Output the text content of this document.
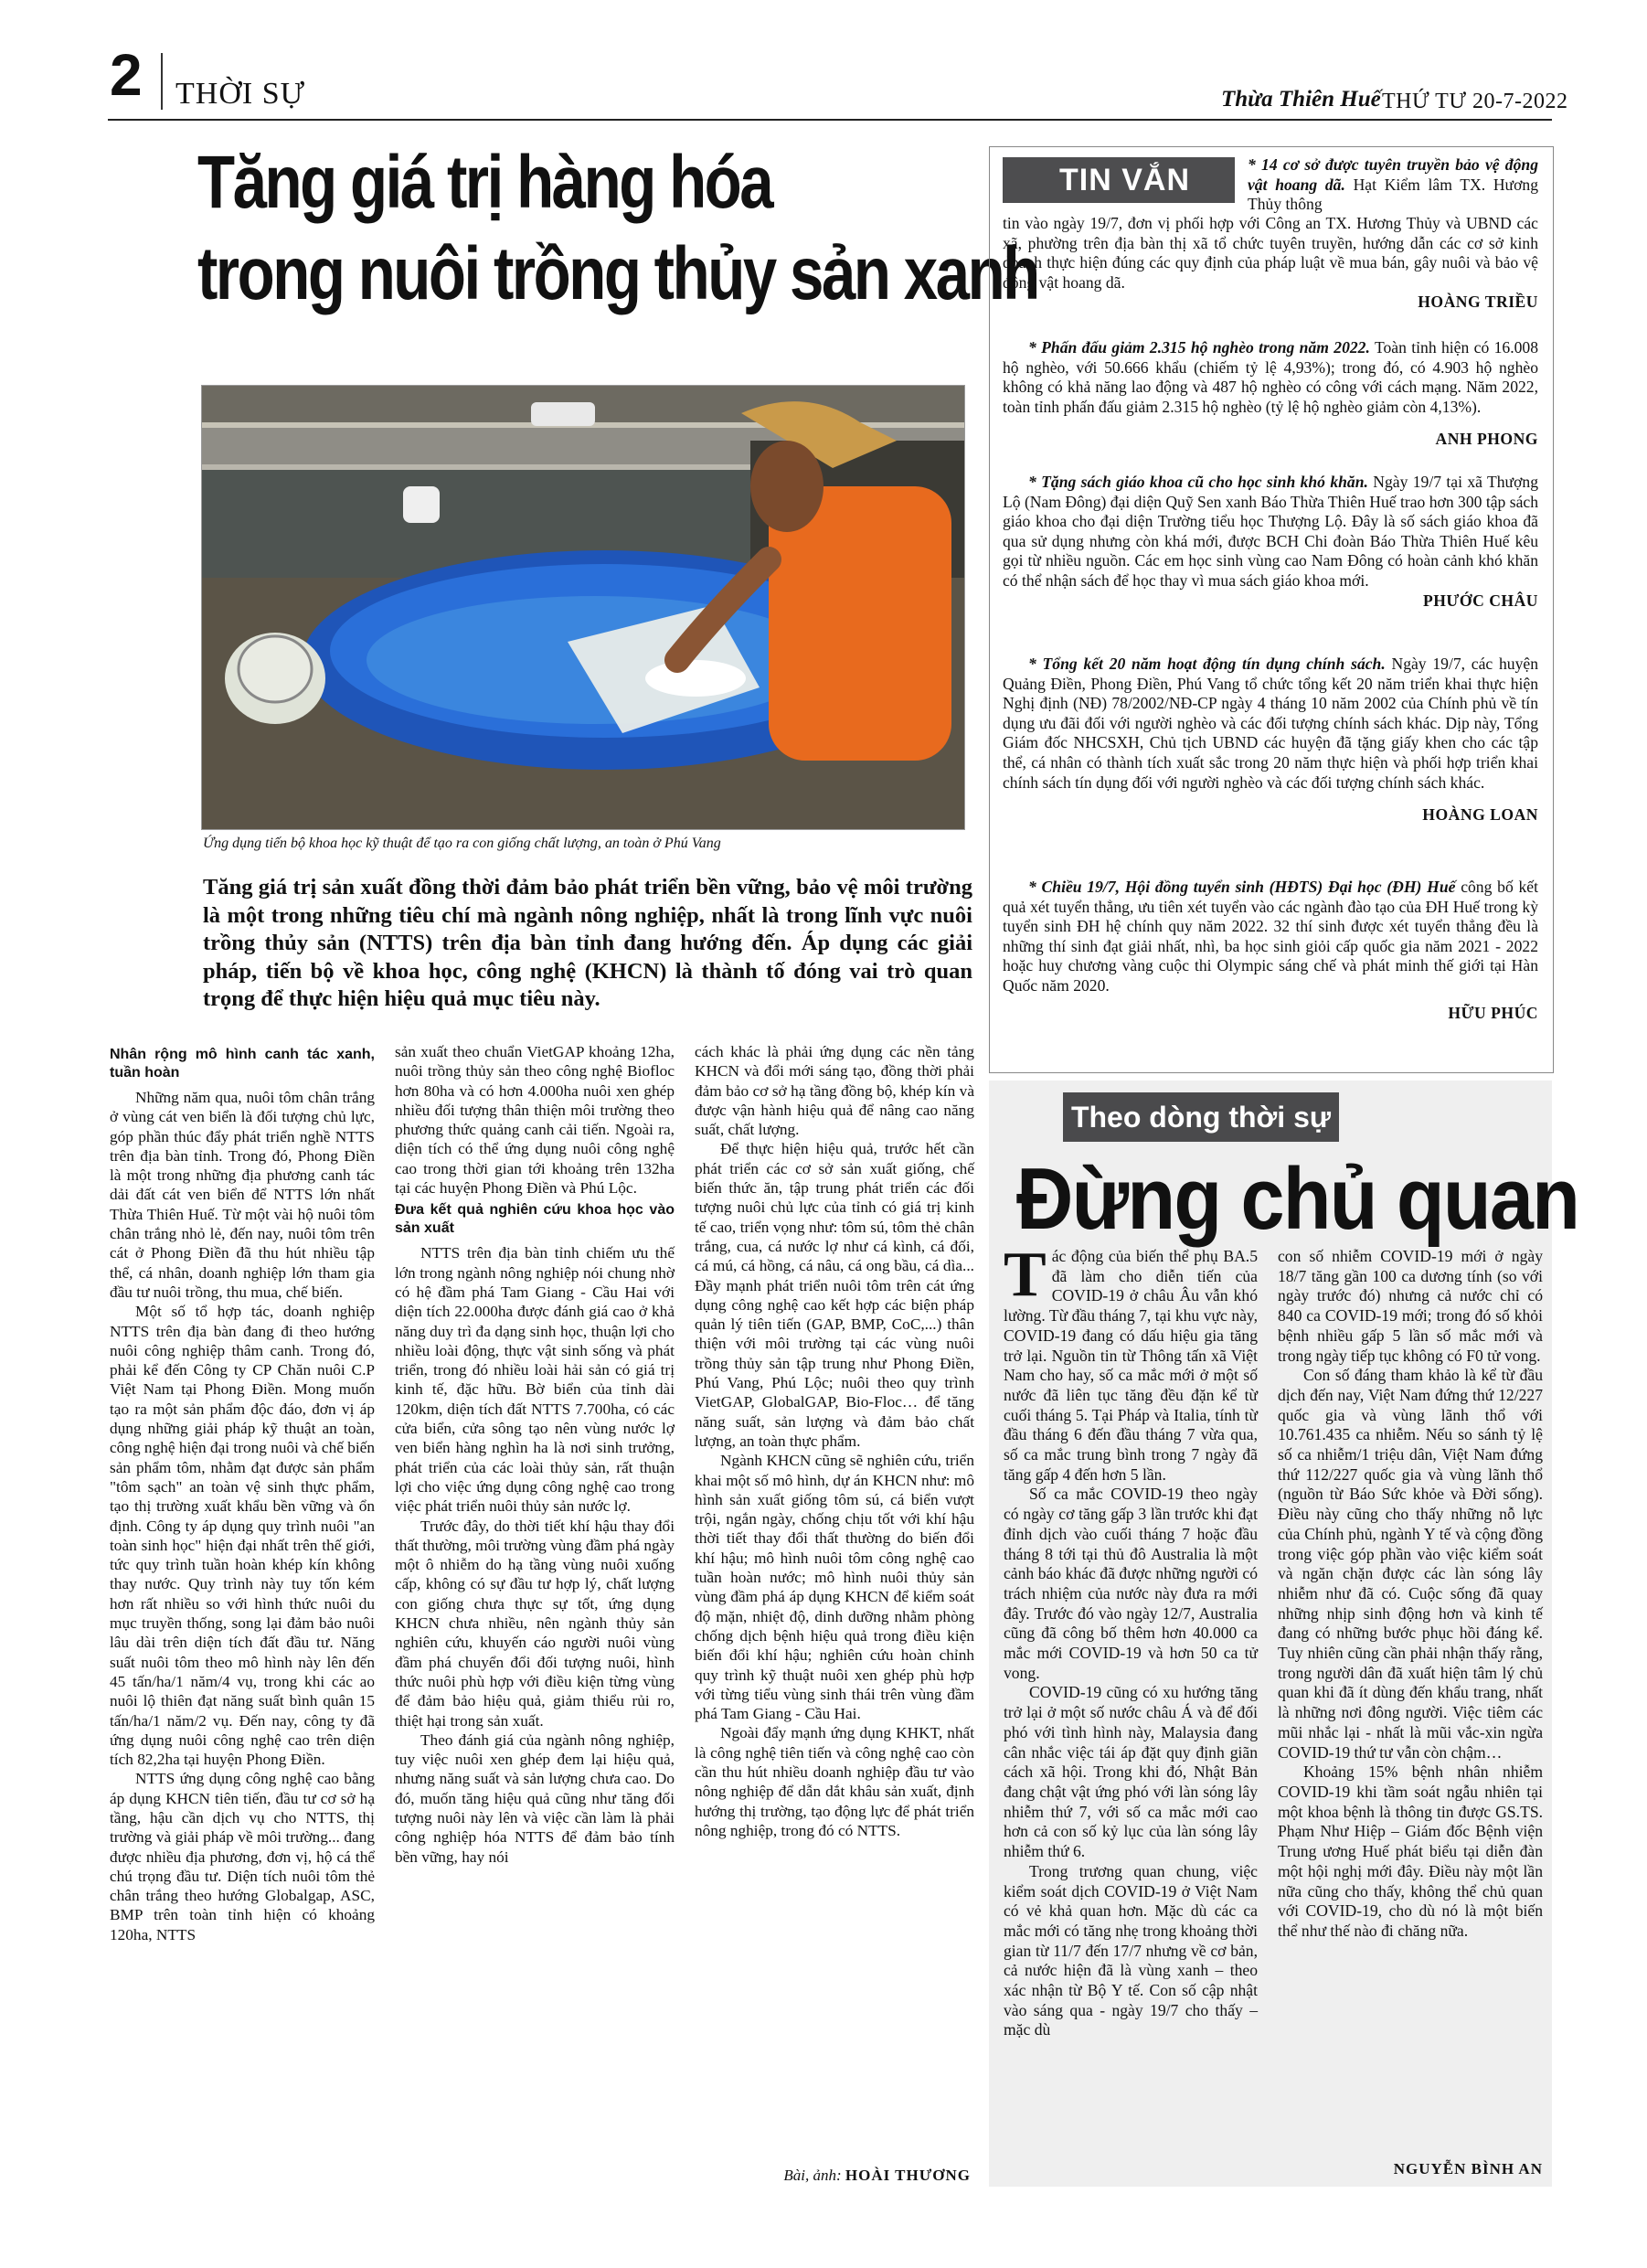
2 THỜI SỰ	Thừa Thiên Huế THỨ TƯ 20-7-2022
Tăng giá trị hàng hóa
trong nuôi trồng thủy sản xanh
Ứng dụng tiến bộ khoa học kỹ thuật để tạo ra con giống chất lượng, an toàn ở Phú Vang
Tăng giá trị sản xuất đồng thời đảm bảo phát triển bền vững, bảo vệ môi trường là một trong những tiêu chí mà ngành nông nghiệp, nhất là trong lĩnh vực nuôi trồng thủy sản (NTTS) trên địa bàn tỉnh đang hướng đến. Áp dụng các giải pháp, tiến bộ về khoa học, công nghệ (KHCN) là thành tố đóng vai trò quan trọng để thực hiện hiệu quả mục tiêu này.

Nhân rộng mô hình canh tác xanh, tuần hoàn

Những năm qua, nuôi tôm chân trắng ở vùng cát ven biển là đối tượng chủ lực, góp phần thúc đẩy phát triển nghề NTTS trên địa bàn tỉnh. Trong đó, Phong Điền là một trong những địa phương canh tác dải đất cát ven biển để NTTS lớn nhất Thừa Thiên Huế. Từ một vài hộ nuôi tôm chân trắng nhỏ lẻ, đến nay, nuôi tôm trên cát ở Phong Điền đã thu hút nhiều tập thể, cá nhân, doanh nghiệp lớn tham gia đầu tư nuôi trồng, thu mua, chế biến.

Một số tổ hợp tác, doanh nghiệp NTTS trên địa bàn đang đi theo hướng nuôi công nghiệp thâm canh. Trong đó, phải kể đến Công ty CP Chăn nuôi C.P Việt Nam tại Phong Điền. Mong muốn tạo ra một sản phẩm độc đáo, đơn vị áp dụng những giải pháp kỹ thuật an toàn, công nghệ hiện đại trong nuôi và chế biến sản phẩm tôm, nhằm đạt được sản phẩm "tôm sạch" an toàn vệ sinh thực phẩm, tạo thị trường xuất khẩu bền vững và ổn định. Công ty áp dụng quy trình nuôi "an toàn sinh học" hiện đại nhất trên thế giới, tức quy trình tuần hoàn khép kín không thay nước. Quy trình này tuy tốn kém hơn rất nhiều so với hình thức nuôi du mục truyền thống, song lại đảm bảo nuôi lâu dài trên diện tích đất đầu tư. Năng suất nuôi tôm theo mô hình này lên đến 45 tấn/ha/1 năm/4 vụ, trong khi các ao nuôi lộ thiên đạt năng suất bình quân 15 tấn/ha/1 năm/2 vụ. Đến nay, công ty đã ứng dụng nuôi công nghệ cao trên diện tích 82,2ha tại huyện Phong Điền.

NTTS ứng dụng công nghệ cao bằng áp dụng KHCN tiên tiến, đầu tư cơ sở hạ tầng, hậu cần dịch vụ cho NTTS, thị trường và giải pháp về môi trường... đang được nhiều địa phương, đơn vị, hộ cá thể chú trọng đầu tư. Diện tích nuôi tôm thẻ chân trắng theo hướng Globalgap, ASC, BMP trên toàn tỉnh hiện có khoảng 120ha, NTTS

sản xuất theo chuẩn VietGAP khoảng 12ha, nuôi trồng thủy sản theo công nghệ Biofloc hơn 80ha và có hơn 4.000ha nuôi xen ghép nhiều đối tượng thân thiện môi trường theo phương thức quảng canh cải tiến. Ngoài ra, diện tích có thể ứng dụng nuôi công nghệ cao trong thời gian tới khoảng trên 132ha tại các huyện Phong Điền và Phú Lộc.

Đưa kết quả nghiên cứu khoa học vào sản xuất

NTTS trên địa bàn tỉnh chiếm ưu thế lớn trong ngành nông nghiệp nói chung nhờ có hệ đầm phá Tam Giang - Cầu Hai với diện tích 22.000ha được đánh giá cao ở khả năng duy trì đa dạng sinh học, thuận lợi cho nhiều loài động, thực vật sinh sống và phát triển, trong đó nhiều loài hải sản có giá trị kinh tế, đặc hữu. Bờ biển của tỉnh dài 120km, diện tích đất NTTS 7.700ha, có các cửa biển, cửa sông tạo nên vùng nước lợ ven biển hàng nghìn ha là nơi sinh trưởng, phát triển của các loài thủy sản, rất thuận lợi cho việc ứng dụng công nghệ cao trong việc phát triển nuôi thủy sản nước lợ.

Trước đây, do thời tiết khí hậu thay đổi thất thường, môi trường vùng đầm phá ngày một ô nhiễm do hạ tầng vùng nuôi xuống cấp, không có sự đầu tư hợp lý, chất lượng con giống chưa thực sự tốt, ứng dụng KHCN chưa nhiều, nên ngành thủy sản nghiên cứu, khuyến cáo người nuôi vùng đầm phá chuyển đổi đối tượng nuôi, hình thức nuôi phù hợp với điều kiện từng vùng để đảm bảo hiệu quả, giảm thiểu rủi ro, thiệt hại trong sản xuất.

Theo đánh giá của ngành nông nghiệp, tuy việc nuôi xen ghép đem lại hiệu quả, nhưng năng suất và sản lượng chưa cao. Do đó, muốn tăng hiệu quả cũng như tăng đối tượng nuôi này lên và việc cần làm là phải công nghiệp hóa NTTS để đảm bảo tính bền vững, hay nói

cách khác là phải ứng dụng các nền tảng KHCN và đổi mới sáng tạo, đồng thời phải đảm bảo cơ sở hạ tầng đồng bộ, khép kín và được vận hành hiệu quả để nâng cao năng suất, chất lượng.

Để thực hiện hiệu quả, trước hết cần phát triển các cơ sở sản xuất giống, chế biến thức ăn, tập trung phát triển các đối tượng nuôi chủ lực của tỉnh có giá trị kinh tế cao, triển vọng như: tôm sú, tôm thẻ chân trắng, cua, cá nước lợ như cá kình, cá đối, cá mú, cá hồng, cá nâu, cá ong bầu, cá dìa... Đầy mạnh phát triển nuôi tôm trên cát ứng dụng công nghệ cao kết hợp các biện pháp quản lý tiên tiến (GAP, BMP, CoC,...) thân thiện với môi trường tại các vùng nuôi trồng thủy sản tập trung như Phong Điền, Phú Vang, Phú Lộc; nuôi theo quy trình VietGAP, GlobalGAP, Bio-Floc… để tăng năng suất, sản lượng và đảm bảo chất lượng, an toàn thực phẩm.

Ngành KHCN cũng sẽ nghiên cứu, triển khai một số mô hình, dự án KHCN như: mô hình sản xuất giống tôm sú, cá biển vượt trội, ngắn ngày, chống chịu tốt với khí hậu thời tiết thay đổi thất thường do biến đổi khí hậu; mô hình nuôi tôm công nghệ cao tuần hoàn nước; mô hình nuôi thủy sản vùng đầm phá áp dụng KHCN để kiểm soát độ mặn, nhiệt độ, dinh dưỡng nhằm phòng chống dịch bệnh hiệu quả trong điều kiện biến đổi khí hậu; nghiên cứu hoàn chỉnh quy trình kỹ thuật nuôi xen ghép phù hợp với từng tiểu vùng sinh thái trên vùng đầm phá Tam Giang - Cầu Hai.

Ngoài đẩy mạnh ứng dụng KHKT, nhất là công nghệ tiên tiến và công nghệ cao còn cần thu hút nhiều doanh nghiệp đầu tư vào nông nghiệp để dẫn dắt khâu sản xuất, định hướng thị trường, tạo động lực để phát triển nông nghiệp, trong đó có NTTS.

Bài, ảnh: HOÀI THƯƠNG
TIN VẮN	* 14 cơ sở được tuyên truyền bảo vệ động vật hoang dã. Hạt Kiểm lâm TX. Hương Thủy thông
tin vào ngày 19/7, đơn vị phối hợp với Công an TX. Hương Thủy và UBND các xã, phường trên địa bàn thị xã tổ chức tuyên truyền, hướng dẫn các cơ sở kinh doanh thực hiện đúng các quy định của pháp luật về mua bán, gây nuôi và bảo vệ động vật hoang dã.
HOÀNG TRIỀU
* Phấn đấu giảm 2.315 hộ nghèo trong năm 2022. Toàn tỉnh hiện có 16.008 hộ nghèo, với 50.666 khẩu (chiếm tỷ lệ 4,93%); trong đó, có 4.903 hộ nghèo không có khả năng lao động và 487 hộ nghèo có công với cách mạng. Năm 2022, toàn tỉnh phấn đấu giảm 2.315 hộ nghèo (tỷ lệ hộ nghèo giảm còn 4,13%).
ANH PHONG
* Tặng sách giáo khoa cũ cho học sinh khó khăn. Ngày 19/7 tại xã Thượng Lộ (Nam Đông) đại diện Quỹ Sen xanh Báo Thừa Thiên Huế trao hơn 300 tập sách giáo khoa cho đại diện Trường tiểu học Thượng Lộ. Đây là số sách giáo khoa đã qua sử dụng nhưng còn khá mới, được BCH Chi đoàn Báo Thừa Thiên Huế kêu gọi từ nhiều nguồn. Các em học sinh vùng cao Nam Đông có hoàn cảnh khó khăn có thể nhận sách để học thay vì mua sách giáo khoa mới.
PHƯỚC CHÂU
* Tổng kết 20 năm hoạt động tín dụng chính sách. Ngày 19/7, các huyện Quảng Điền, Phong Điền, Phú Vang tổ chức tổng kết 20 năm triển khai thực hiện Nghị định (NĐ) 78/2002/NĐ-CP ngày 4 tháng 10 năm 2002 của Chính phủ về tín dụng ưu đãi đối với người nghèo và các đối tượng chính sách khác. Dịp này, Tổng Giám đốc NHCSXH, Chủ tịch UBND các huyện đã tặng giấy khen cho các tập thể, cá nhân có thành tích xuất sắc trong 20 năm thực hiện và phối hợp triển khai chính sách tín dụng đối với người nghèo và các đối tượng chính sách khác.
HOÀNG LOAN
* Chiều 19/7, Hội đồng tuyển sinh (HĐTS) Đại học (ĐH) Huế công bố kết quả xét tuyển thẳng, ưu tiên xét tuyển vào các ngành đào tạo của ĐH Huế trong kỳ tuyển sinh ĐH hệ chính quy năm 2022. 32 thí sinh được xét tuyển thẳng đều là những thí sinh đạt giải nhất, nhì, ba học sinh giỏi cấp quốc gia năm 2021 - 2022 hoặc huy chương vàng cuộc thi Olympic sáng chế và phát minh thế giới tại Hàn Quốc năm 2020.
HỮU PHÚC
Theo dòng thời sự
Đừng chủ quan

Tác động của biến thể phụ BA.5 đã làm cho diễn tiến của COVID-19 ở châu Âu vẫn khó lường. Từ đầu tháng 7, tại khu vực này, COVID-19 đang có dấu hiệu gia tăng trở lại. Nguồn tin từ Thông tấn xã Việt Nam cho hay, số ca mắc mới ở một số nước đã liên tục tăng đều đặn kể từ cuối tháng 5. Tại Pháp và Italia, tính từ đầu tháng 6 đến đầu tháng 7 vừa qua, số ca mắc trung bình trong 7 ngày đã tăng gấp 4 đến hơn 5 lần.

Số ca mắc COVID-19 theo ngày có ngày cơ tăng gấp 3 lần trước khi đạt đỉnh dịch vào cuối tháng 7 hoặc đầu tháng 8 tới tại thủ đô Australia là một cảnh báo khác đã được những người có trách nhiệm của nước này đưa ra mới đây. Trước đó vào ngày 12/7, Australia cũng đã công bố thêm hơn 40.000 ca mắc mới COVID-19 và hơn 50 ca tử vong.

COVID-19 cũng có xu hướng tăng trở lại ở một số nước châu Á và để đối phó với tình hình này, Malaysia đang cân nhắc việc tái áp đặt quy định giãn cách xã hội. Trong khi đó, Nhật Bản đang chật vật ứng phó với làn sóng lây nhiễm thứ 7, với số ca mắc mới cao hơn cả con số kỷ lục của làn sóng lây nhiễm thứ 6.

Trong trương quan chung, việc kiểm soát dịch COVID-19 ở Việt Nam có vẻ khả quan hơn. Mặc dù các ca mắc mới có tăng nhẹ trong khoảng thời gian từ 11/7 đến 17/7 nhưng về cơ bản, cả nước hiện đã là vùng xanh – theo xác nhận từ Bộ Y tế. Con số cập nhật vào sáng qua - ngày 19/7 cho thấy – mặc dù

con số nhiễm COVID-19 mới ở ngày 18/7 tăng gần 100 ca dương tính (so với ngày trước đó) nhưng cả nước chỉ có 840 ca COVID-19 mới; trong đó số khỏi bệnh nhiều gấp 5 lần số mắc mới và trong ngày tiếp tục không có F0 tử vong.

Con số đáng tham khảo là kể từ đầu dịch đến nay, Việt Nam đứng thứ 12/227 quốc gia và vùng lãnh thổ với 10.761.435 ca nhiễm. Nếu so sánh tỷ lệ số ca nhiễm/1 triệu dân, Việt Nam đứng thứ 112/227 quốc gia và vùng lãnh thổ (nguồn từ Báo Sức khỏe và Đời sống). Điều này cũng cho thấy những nỗ lực của Chính phủ, ngành Y tế và cộng đồng trong việc góp phần vào việc kiểm soát và ngăn chặn được các làn sóng lây nhiễm như đã có. Cuộc sống đã quay những nhịp sinh động hơn và kinh tế đang có những bước phục hồi đáng kể. Tuy nhiên cũng cần phải nhận thấy rằng, trong người dân đã xuất hiện tâm lý chủ quan khi đã ít dùng đến khẩu trang, nhất là những nơi đông người. Việc tiêm các mũi nhắc lại - nhất là mũi vắc-xin ngừa COVID-19 thứ tư vẫn còn chậm…

Khoảng 15% bệnh nhân nhiễm COVID-19 khi tầm soát ngẫu nhiên tại một khoa bệnh là thông tin được GS.TS. Phạm Như Hiệp – Giám đốc Bệnh viện Trung ương Huế phát biểu tại diễn đàn một hội nghị mới đây. Điều này một lần nữa cũng cho thấy, không thể chủ quan với COVID-19, cho dù nó là một biến thể như thế nào đi chăng nữa.

NGUYỄN BÌNH AN
